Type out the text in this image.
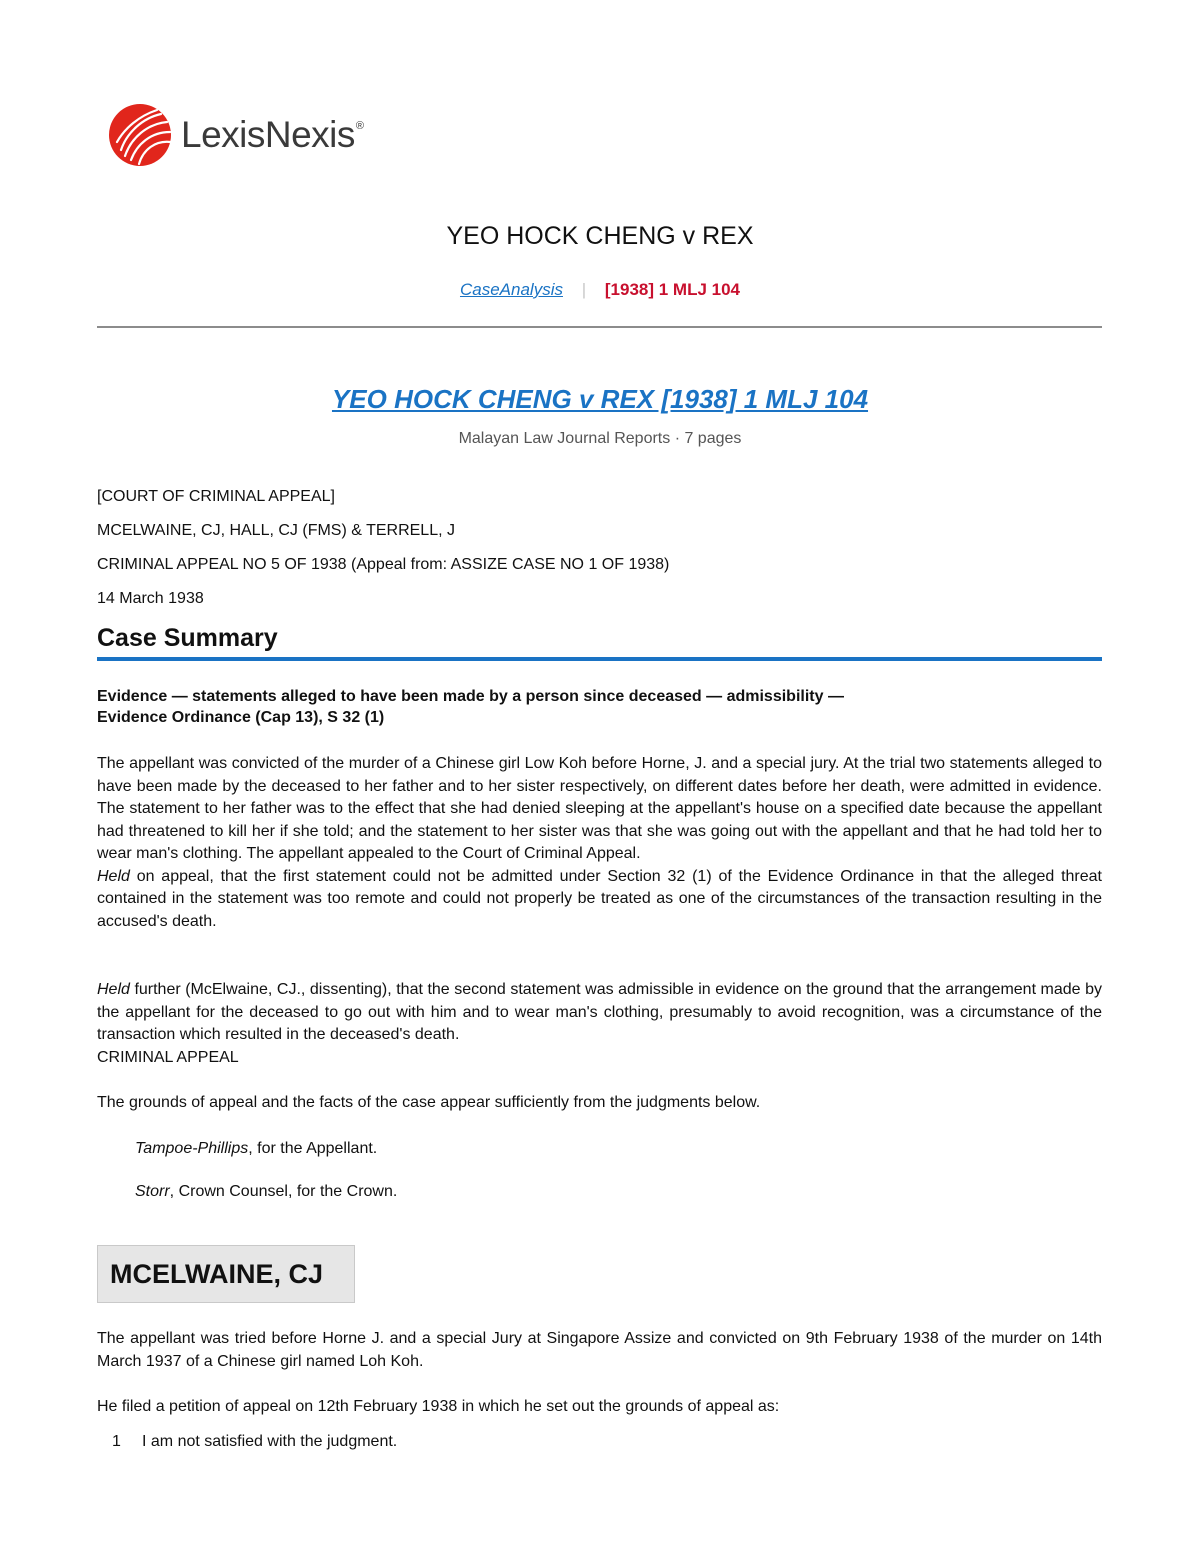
LexisNexis®
YEO HOCK CHENG v REX
CaseAnalysis | [1938] 1 MLJ 104
YEO HOCK CHENG v REX [1938] 1 MLJ 104
Malayan Law Journal Reports · 7 pages
[COURT OF CRIMINAL APPEAL]
MCELWAINE, CJ, HALL, CJ (FMS) & TERRELL, J
CRIMINAL APPEAL NO 5 OF 1938 (Appeal from: ASSIZE CASE NO 1 OF 1938)
14 March 1938
Case Summary
Evidence — statements alleged to have been made by a person since deceased — admissibility —
Evidence Ordinance (Cap 13), S 32 (1)

The appellant was convicted of the murder of a Chinese girl Low Koh before Horne, J. and a special jury. At the trial two statements alleged to have been made by the deceased to her father and to her sister respectively, on different dates before her death, were admitted in evidence. The statement to her father was to the effect that she had denied sleeping at the appellant's house on a specified date because the appellant had threatened to kill her if she told; and the statement to her sister was that she was going out with the appellant and that he had told her to wear man's clothing. The appellant appealed to the Court of Criminal Appeal.

Held on appeal, that the first statement could not be admitted under Section 32 (1) of the Evidence Ordinance in that the alleged threat contained in the statement was too remote and could not properly be treated as one of the circumstances of the transaction resulting in the accused's death.

Held further (McElwaine, CJ., dissenting), that the second statement was admissible in evidence on the ground that the arrangement made by the appellant for the deceased to go out with him and to wear man's clothing, presumably to avoid recognition, was a circumstance of the transaction which resulted in the deceased's death.

CRIMINAL APPEAL

The grounds of appeal and the facts of the case appear sufficiently from the judgments below.

Tampoe-Phillips, for the Appellant.
Storr, Crown Counsel, for the Crown.
MCELWAINE, CJ

The appellant was tried before Horne J. and a special Jury at Singapore Assize and convicted on 9th February 1938 of the murder on 14th March 1937 of a Chinese girl named Loh Koh.

He filed a petition of appeal on 12th February 1938 in which he set out the grounds of appeal as:

1	I am not satisfied with the judgment.
